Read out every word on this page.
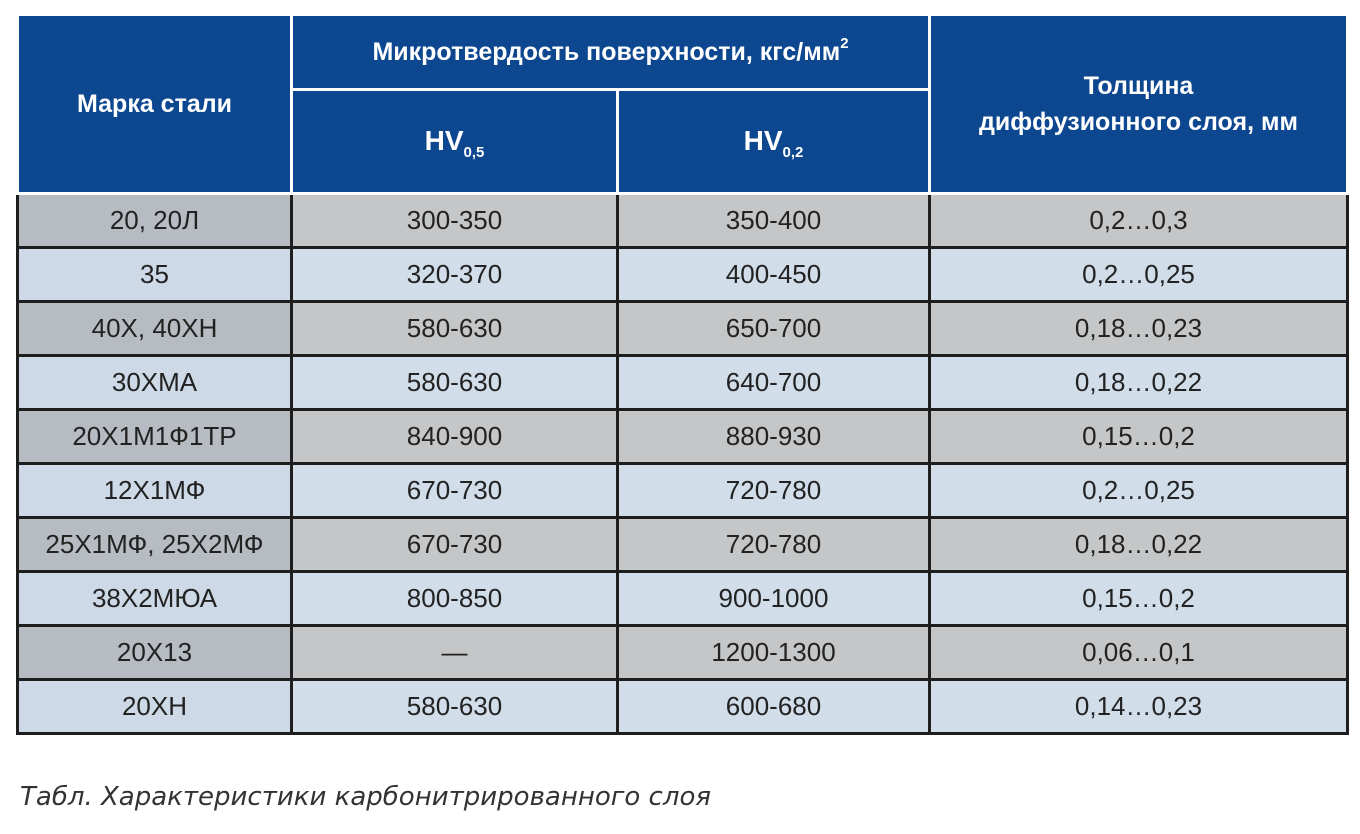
Марка стали	Микротвердость поверхности, кгс/$мм^2$		Толщина
диффузионного слоя, мм
	$HV_{0,5}$	$HV_{0,2}$
20, 20Л	300-350	350-400	0,2…0,3
35	320-370	400-450	0,2…0,25
40Х, 40ХН	580-630	650-700	0,18…0,23
30ХМА	580-630	640-700	0,18…0,22
20Х1М1Ф1ТР	840-900	880-930	0,15…0,2
12Х1МФ	670-730	720-780	0,2…0,25
25Х1МФ, 25Х2МФ	670-730	720-780	0,18…0,22
38Х2МЮА	800-850	900-1000	0,15…0,2
20Х13	—	1200-1300	0,06…0,1
20ХН	580-630	600-680	0,14…0,23
Табл. Характеристики карбонитрированного слоя
